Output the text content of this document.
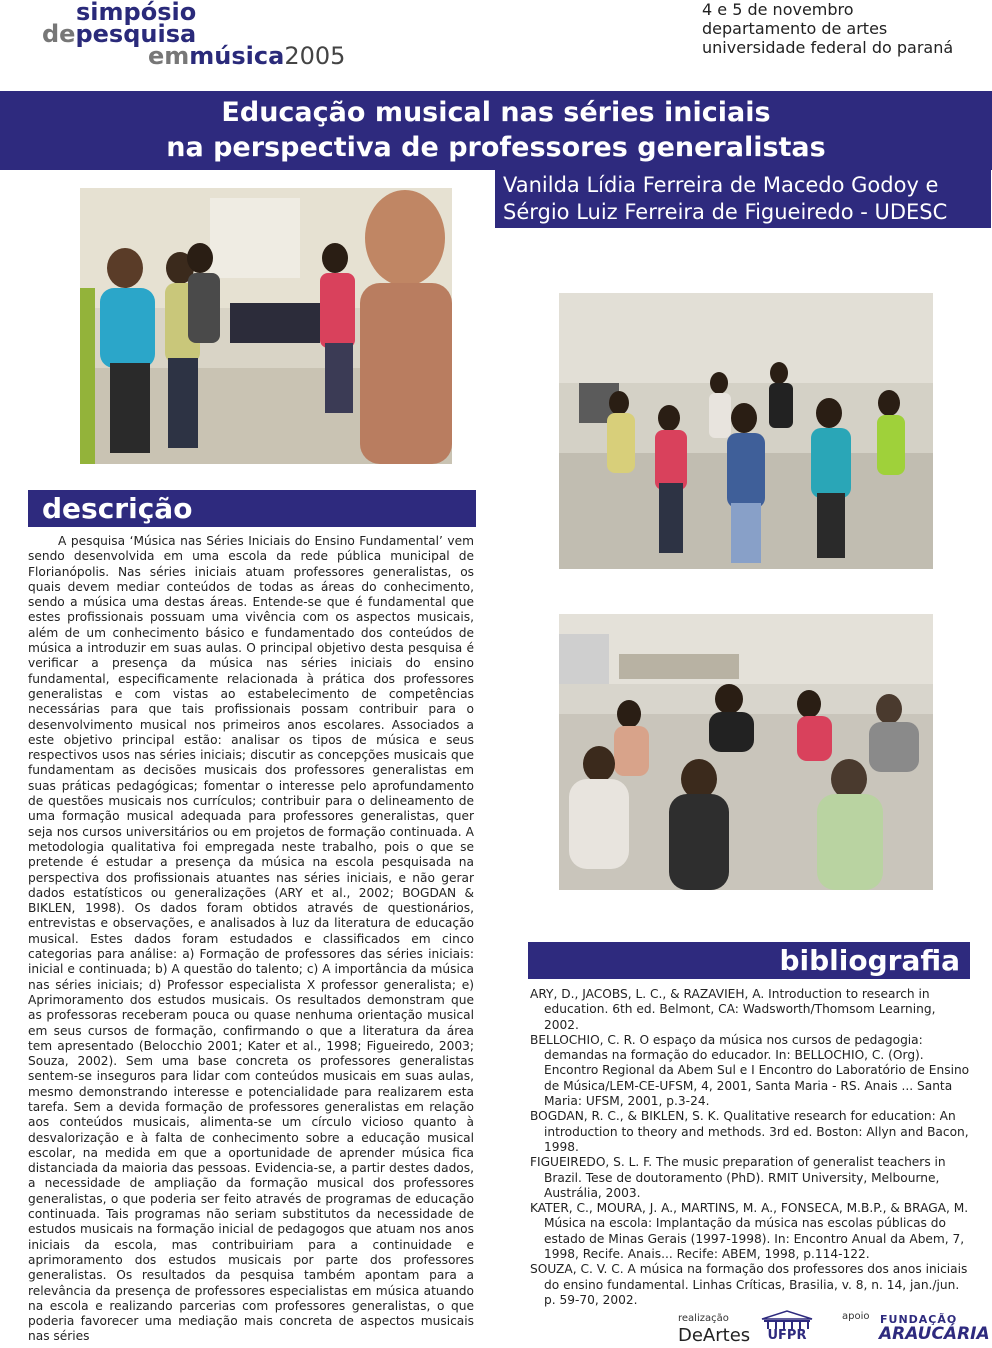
simpósio
depesquisa
emmúsica2005
4 e 5 de novembro
departamento de artes
universidade federal do paraná
Educação musical nas séries iniciais
na perspectiva de professores generalistas
Vanilda Lídia Ferreira de Macedo Godoy e
Sérgio Luiz Ferreira de Figueiredo - UDESC
descrição

A pesquisa ‘Música nas Séries Iniciais do Ensino Fundamental’ vem sendo desenvolvida em uma escola da rede pública municipal de Florianópolis. Nas séries iniciais atuam professores generalistas, os quais devem mediar conteúdos de todas as áreas do conhecimento, sendo a música uma destas áreas. Entende-se que é fundamental que estes profissionais possuam uma vivência com os aspectos musicais, além de um conhecimento básico e fundamentado dos conteúdos de música a introduzir em suas aulas. O principal objetivo desta pesquisa é verificar a presença da música nas séries iniciais do ensino fundamental, especificamente relacionada à prática dos professores generalistas e com vistas ao estabelecimento de competências necessárias para que tais profissionais possam contribuir para o desenvolvimento musical nos primeiros anos escolares. Associados a este objetivo principal estão: analisar os tipos de música e seus respectivos usos nas séries iniciais; discutir as concepções musicais que fundamentam as decisões musicais dos professores generalistas em suas práticas pedagógicas; fomentar o interesse pelo aprofundamento de questões musicais nos currículos; contribuir para o delineamento de uma formação musical adequada para professores generalistas, quer seja nos cursos universitários ou em projetos de formação continuada. A metodologia qualitativa foi empregada neste trabalho, pois o que se pretende é estudar a presença da música na escola pesquisada na perspectiva dos profissionais atuantes nas séries iniciais, e não gerar dados estatísticos ou generalizações (ARY et al., 2002; BOGDAN & BIKLEN, 1998). Os dados foram obtidos através de questionários, entrevistas e observações, e analisados à luz da literatura de educação musical. Estes dados foram estudados e classificados em cinco categorias para análise: a) Formação de professores das séries iniciais: inicial e continuada; b) A questão do talento; c) A importância da música nas séries iniciais; d) Professor especialista X professor generalista; e) Aprimoramento dos estudos musicais. Os resultados demonstram que as professoras receberam pouca ou quase nenhuma orientação musical em seus cursos de formação, confirmando o que a literatura da área tem apresentado (Belocchio 2001; Kater et al., 1998; Figueiredo, 2003; Souza, 2002). Sem uma base concreta os professores generalistas sentem-se inseguros para lidar com conteúdos musicais em suas aulas, mesmo demonstrando interesse e potencialidade para realizarem esta tarefa. Sem a devida formação de professores generalistas em relação aos conteúdos musicais, alimenta-se um círculo vicioso quanto à desvalorização e à falta de conhecimento sobre a educação musical escolar, na medida em que a oportunidade de aprender música fica distanciada da maioria das pessoas. Evidencia-se, a partir destes dados, a necessidade de ampliação da formação musical dos professores generalistas, o que poderia ser feito através de programas de educação continuada. Tais programas não seriam substitutos da necessidade de estudos musicais na formação inicial de pedagogos que atuam nos anos iniciais da escola, mas contribuiriam para a continuidade e aprimoramento dos estudos musicais por parte dos professores generalistas. Os resultados da pesquisa também apontam para a relevância da presença de professores especialistas em música atuando na escola e realizando parcerias com professores generalistas, o que poderia favorecer uma mediação mais concreta de aspectos musicais nas séries

bibliografia
ARY, D., JACOBS, L. C., & RAZAVIEH, A. Introduction to research in education. 6th ed. Belmont, CA: Wadsworth/Thomsom Learning, 2002.
BELLOCHIO, C. R. O espaço da música nos cursos de pedagogia: demandas na formação do educador. In: BELLOCHIO, C. (Org). Encontro Regional da Abem Sul e I Encontro do Laboratório de Ensino de Música/LEM-CE-UFSM, 4, 2001, Santa Maria - RS. Anais ... Santa Maria: UFSM, 2001, p.3-24.
BOGDAN, R. C., & BIKLEN, S. K. Qualitative research for education: An introduction to theory and methods. 3rd ed. Boston: Allyn and Bacon, 1998.
FIGUEIREDO, S. L. F. The music preparation of generalist teachers in Brazil. Tese de doutoramento (PhD). RMIT University, Melbourne, Austrália, 2003.
KATER, C., MOURA, J. A., MARTINS, M. A., FONSECA, M.B.P., & BRAGA, M. Música na escola: Implantação da música nas escolas públicas do estado de Minas Gerais (1997-1998). In: Encontro Anual da Abem, 7, 1998, Recife. Anais... Recife: ABEM, 1998, p.114-122.
SOUZA, C. V. C. A música na formação dos professores dos anos iniciais do ensino fundamental. Linhas Críticas, Brasilia, v. 8, n. 14, jan./jun. p. 59-70, 2002.
realização
DeArtes	UFPR
apoio FUNDAÇÃO
ARAUCÁRIA
